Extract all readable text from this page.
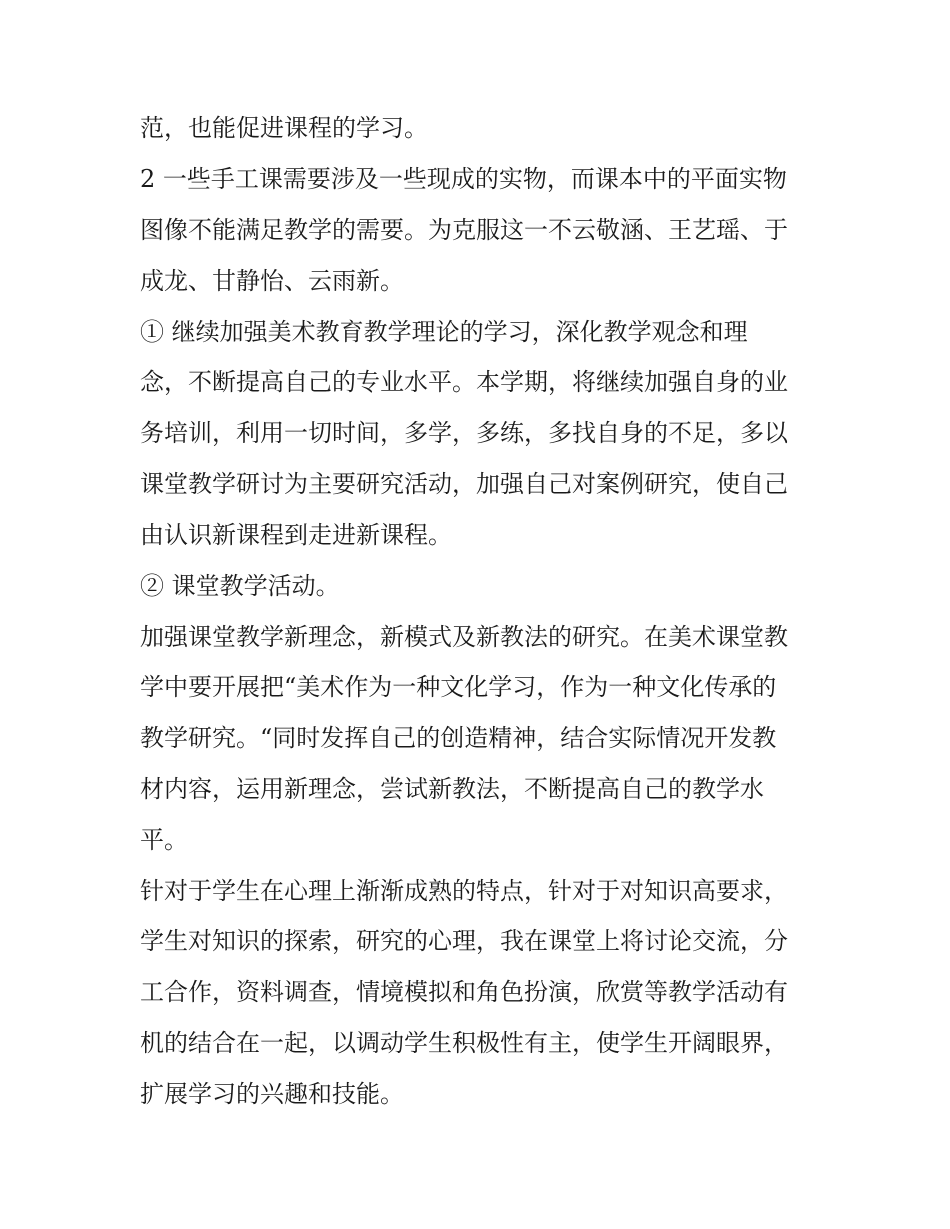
范，也能促进课程的学习。

2 一些手工课需要涉及一些现成的实物，而课本中的平面实物

图像不能满足教学的需要。为克服这一不云敬涵、王艺瑶、于

成龙、甘静怡、云雨新。

① 继续加强美术教育教学理论的学习，深化教学观念和理

念，不断提高自己的专业水平。本学期，将继续加强自身的业

务培训，利用一切时间，多学，多练，多找自身的不足，多以

课堂教学研讨为主要研究活动，加强自己对案例研究，使自己

由认识新课程到走进新课程。

② 课堂教学活动。

加强课堂教学新理念，新模式及新教法的研究。在美术课堂教

学中要开展把“美术作为一种文化学习，作为一种文化传承的

教学研究。“同时发挥自己的创造精神，结合实际情况开发教

材内容，运用新理念，尝试新教法，不断提高自己的教学水

平。

针对于学生在心理上渐渐成熟的特点，针对于对知识高要求，

学生对知识的探索，研究的心理，我在课堂上将讨论交流，分

工合作，资料调查，情境模拟和角色扮演，欣赏等教学活动有

机的结合在一起，以调动学生积极性有主，使学生开阔眼界，

扩展学习的兴趣和技能。
